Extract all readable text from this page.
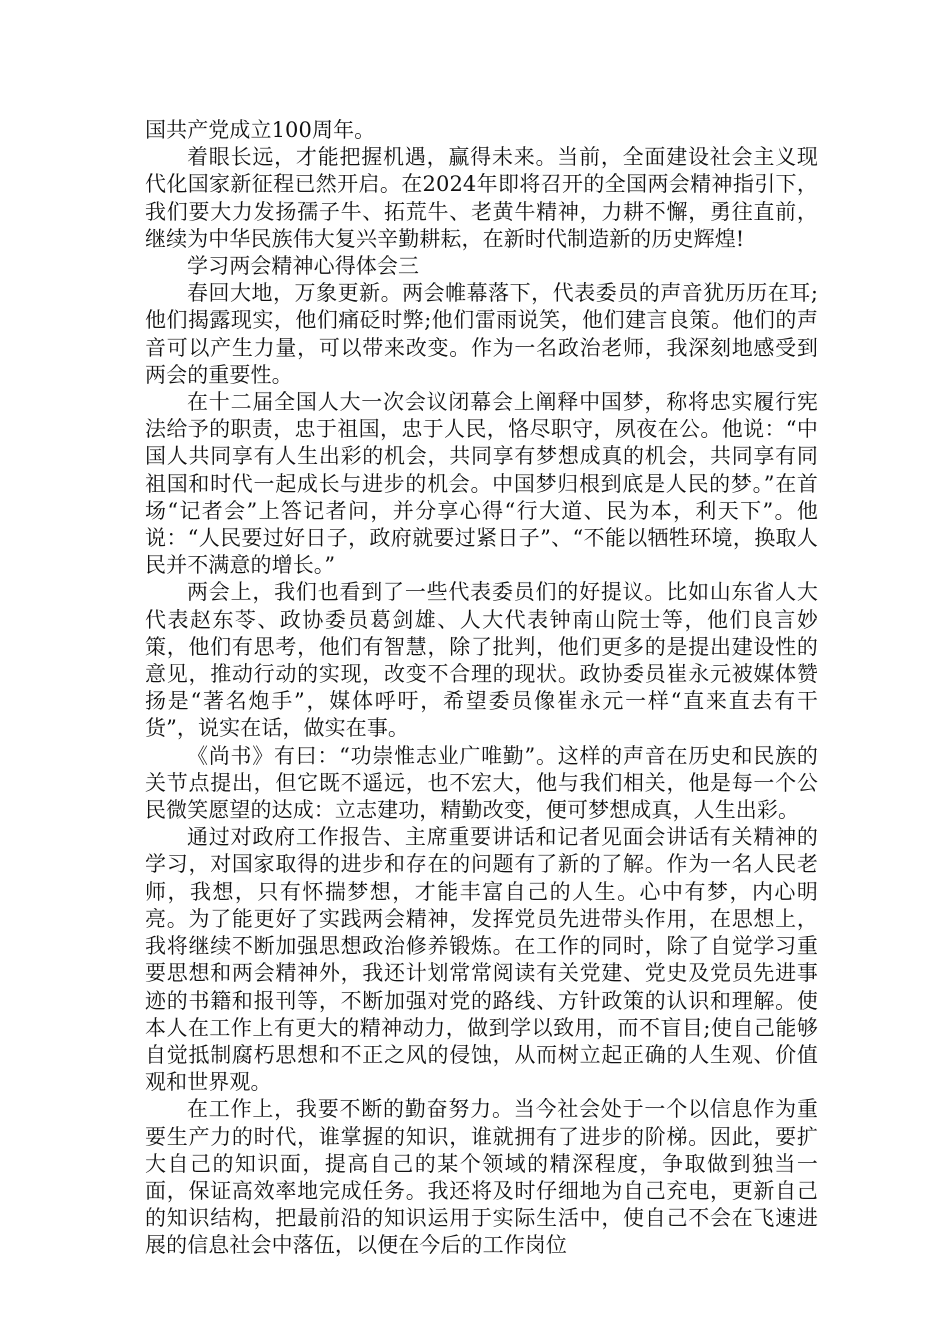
国共产党成立100周年。

着眼长远，才能把握机遇，赢得未来。当前，全面建设社会主义现代化国家新征程已然开启。在2024年即将召开的全国两会精神指引下，我们要大力发扬孺子牛、拓荒牛、老黄牛精神，力耕不懈，勇往直前，继续为中华民族伟大复兴辛勤耕耘，在新时代制造新的历史辉煌!

学习两会精神心得体会三

春回大地，万象更新。两会帷幕落下，代表委员的声音犹历历在耳;他们揭露现实，他们痛砭时弊;他们雷雨说笑，他们建言良策。他们的声音可以产生力量，可以带来改变。作为一名政治老师，我深刻地感受到两会的重要性。

在十二届全国人大一次会议闭幕会上阐释中国梦，称将忠实履行宪法给予的职责，忠于祖国，忠于人民，恪尽职守，夙夜在公。他说：“中国人共同享有人生出彩的机会，共同享有梦想成真的机会，共同享有同祖国和时代一起成长与进步的机会。中国梦归根到底是人民的梦。”在首场“记者会”上答记者问，并分享心得“行大道、民为本，利天下”。他说：“人民要过好日子，政府就要过紧日子”、“不能以牺牲环境，换取人民并不满意的增长。”

两会上，我们也看到了一些代表委员们的好提议。比如山东省人大代表赵东苓、政协委员葛剑雄、人大代表钟南山院士等，他们良言妙策，他们有思考，他们有智慧，除了批判，他们更多的是提出建设性的意见，推动行动的实现，改变不合理的现状。政协委员崔永元被媒体赞扬是“著名炮手”，媒体呼吁，希望委员像崔永元一样“直来直去有干货”，说实在话，做实在事。

《尚书》有曰：“功崇惟志业广唯勤”。这样的声音在历史和民族的关节点提出，但它既不遥远，也不宏大，他与我们相关，他是每一个公民微笑愿望的达成：立志建功，精勤改变，便可梦想成真，人生出彩。

通过对政府工作报告、主席重要讲话和记者见面会讲话有关精神的学习，对国家取得的进步和存在的问题有了新的了解。作为一名人民老师，我想，只有怀揣梦想，才能丰富自己的人生。心中有梦，内心明亮。为了能更好了实践两会精神，发挥党员先进带头作用，在思想上，我将继续不断加强思想政治修养锻炼。在工作的同时，除了自觉学习重要思想和两会精神外，我还计划常常阅读有关党建、党史及党员先进事迹的书籍和报刊等，不断加强对党的路线、方针政策的认识和理解。使本人在工作上有更大的精神动力，做到学以致用，而不盲目;使自己能够自觉抵制腐朽思想和不正之风的侵蚀，从而树立起正确的人生观、价值观和世界观。

在工作上，我要不断的勤奋努力。当今社会处于一个以信息作为重要生产力的时代，谁掌握的知识，谁就拥有了进步的阶梯。因此，要扩大自己的知识面，提高自己的某个领域的精深程度，争取做到独当一面，保证高效率地完成任务。我还将及时仔细地为自己充电，更新自己的知识结构，把最前沿的知识运用于实际生活中，使自己不会在飞速进展的信息社会中落伍，以便在今后的工作岗位
